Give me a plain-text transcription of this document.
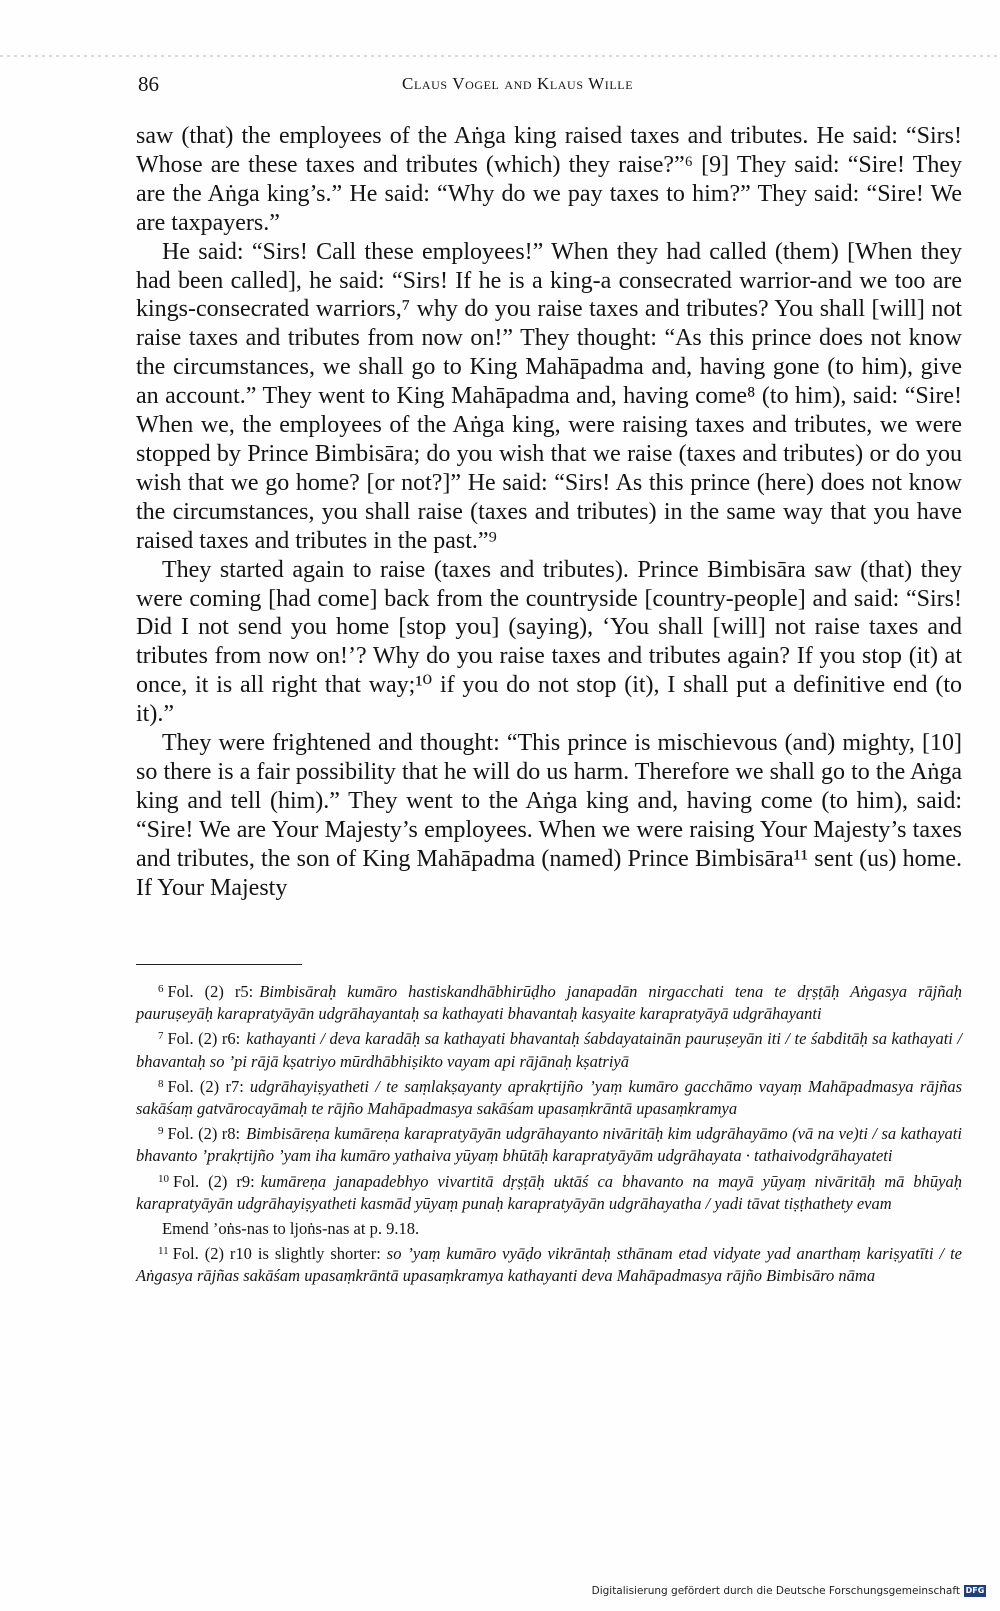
86	Claus Vogel and Klaus Wille

saw (that) the employees of the Aṅga king raised taxes and tributes. He said: “Sirs! Whose are these taxes and tributes (which) they raise?”⁶ [9] They said: “Sire! They are the Aṅga king’s.” He said: “Why do we pay taxes to him?” They said: “Sire! We are taxpayers.”

He said: “Sirs! Call these employees!” When they had called (them) [When they had been called], he said: “Sirs! If he is a king-a consecrated warrior-and we too are kings-consecrated warriors,⁷ why do you raise taxes and tributes? You shall [will] not raise taxes and tributes from now on!” They thought: “As this prince does not know the circumstances, we shall go to King Mahāpadma and, having gone (to him), give an account.” They went to King Mahāpadma and, having come⁸ (to him), said: “Sire! When we, the employees of the Aṅga king, were raising taxes and tributes, we were stopped by Prince Bimbisāra; do you wish that we raise (taxes and tributes) or do you wish that we go home? [or not?]” He said: “Sirs! As this prince (here) does not know the circumstances, you shall raise (taxes and tributes) in the same way that you have raised taxes and tributes in the past.”⁹

They started again to raise (taxes and tributes). Prince Bimbisāra saw (that) they were coming [had come] back from the countryside [country-people] and said: “Sirs! Did I not send you home [stop you] (saying), ‘You shall [will] not raise taxes and tributes from now on!’? Why do you raise taxes and tributes again? If you stop (it) at once, it is all right that way;¹⁰ if you do not stop (it), I shall put a definitive end (to it).”

They were frightened and thought: “This prince is mischievous (and) mighty, [10] so there is a fair possibility that he will do us harm. Therefore we shall go to the Aṅga king and tell (him).” They went to the Aṅga king and, having come (to him), said: “Sire! We are Your Majesty’s employees. When we were raising Your Majesty’s taxes and tributes, the son of King Mahāpadma (named) Prince Bimbisāra¹¹ sent (us) home. If Your Majesty

$^6$ Fol. (2) r5: Bimbisāraḥ kumāro hastiskandhābhirūḍho janapadān nirgacchati tena te dṛṣṭāḥ Aṅgasya rājñaḥ pauruṣeyāḥ karapratyāyān udgrāhayantaḥ sa kathayati bhavantaḥ kasyaite karapratyāyā udgrāhayanti

$^7$ Fol. (2) r6: kathayanti / deva karadāḥ sa kathayati bhavantaḥ śabdayatainān pauruṣeyān iti / te śabditāḥ sa kathayati / bhavantaḥ so ’pi rājā kṣatriyo mūrdhābhiṣikto vayam api rājānaḥ kṣatriyā

$^8$ Fol. (2) r7: udgrāhayiṣyatheti / te saṃlakṣayanty aprakṛtijño ’yaṃ kumāro gacchāmo vayaṃ Mahāpadmasya rājñas sakāśaṃ gatvārocayāmaḥ te rājño Mahāpadmasya sakāśam upasaṃkrāntā upasaṃkramya

$^9$ Fol. (2) r8: Bimbisāreṇa kumāreṇa karapratyāyān udgrāhayanto nivāritāḥ kim udgrāhayāmo (vā na ve)ti / sa kathayati bhavanto ’prakṛtijño ’yam iha kumāro yathaiva yūyaṃ bhūtāḥ karapratyāyām udgrāhayata · tathaivodgrāhayateti

$^{10}$ Fol. (2) r9: kumāreṇa janapadebhyo vivartitā dṛṣṭāḥ uktāś ca bhavanto na mayā yūyaṃ nivāritāḥ mā bhūyaḥ karapratyāyān udgrāhayiṣyatheti kasmād yūyaṃ punaḥ karapratyāyān udgrāhayatha / yadi tāvat tiṣṭhathety evam

Emend ’oṅs-nas to ljoṅs-nas at p. 9.18.

$^{11}$ Fol. (2) r10 is slightly shorter: so ’yaṃ kumāro vyāḍo vikrāntaḥ sthānam etad vidyate yad anarthaṃ kariṣyatīti / te Aṅgasya rājñas sakāśam upasaṃkrāntā upasaṃkramya kathayanti deva Mahāpadmasya rājño Bimbisāro nāma

Digitalisierung gefördert durch die Deutsche Forschungsgemeinschaft DFG
